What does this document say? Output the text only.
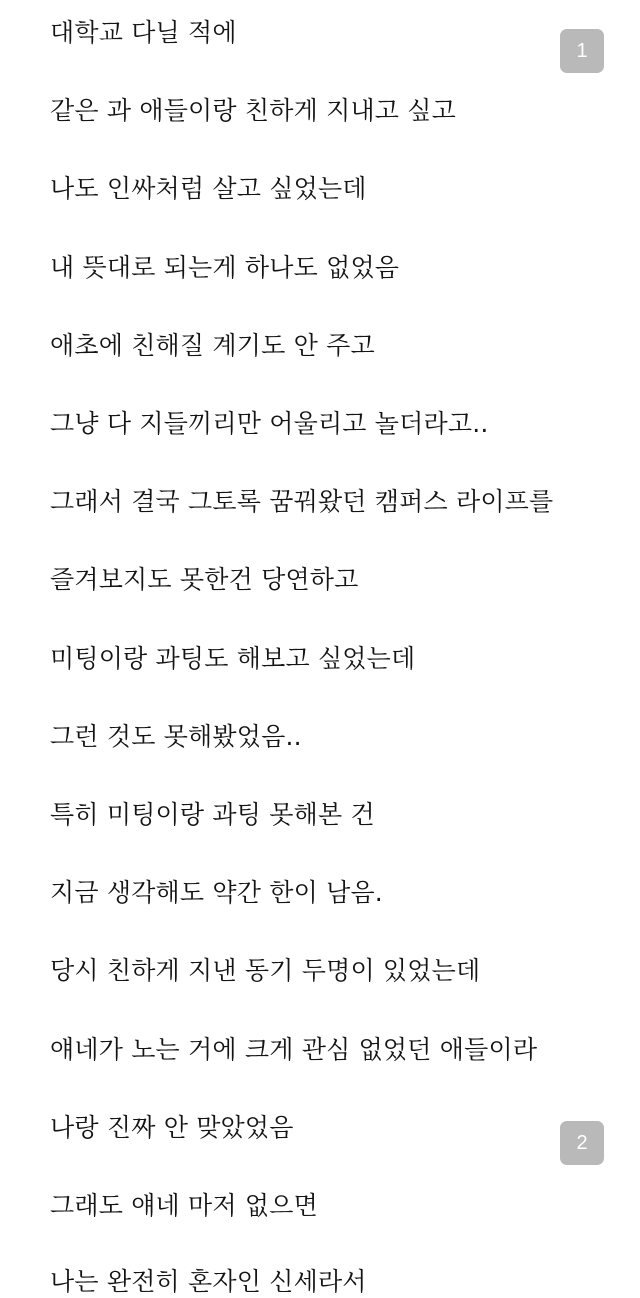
대학교 다닐 적에

같은 과 애들이랑 친하게 지내고 싶고

나도 인싸처럼 살고 싶었는데

내 뜻대로 되는게 하나도 없었음

애초에 친해질 계기도 안 주고

그냥 다 지들끼리만 어울리고 놀더라고..

그래서 결국 그토록 꿈꿔왔던 캠퍼스 라이프를

즐겨보지도 못한건 당연하고

미팅이랑 과팅도 해보고 싶었는데

그런 것도 못해봤었음..

특히 미팅이랑 과팅 못해본 건

지금 생각해도 약간 한이 남음.

당시 친하게 지낸 동기 두명이 있었는데

얘네가 노는 거에 크게 관심 없었던 애들이라

나랑 진짜 안 맞았었음

그래도 얘네 마저 없으면

나는 완전히 혼자인 신세라서

1
2
